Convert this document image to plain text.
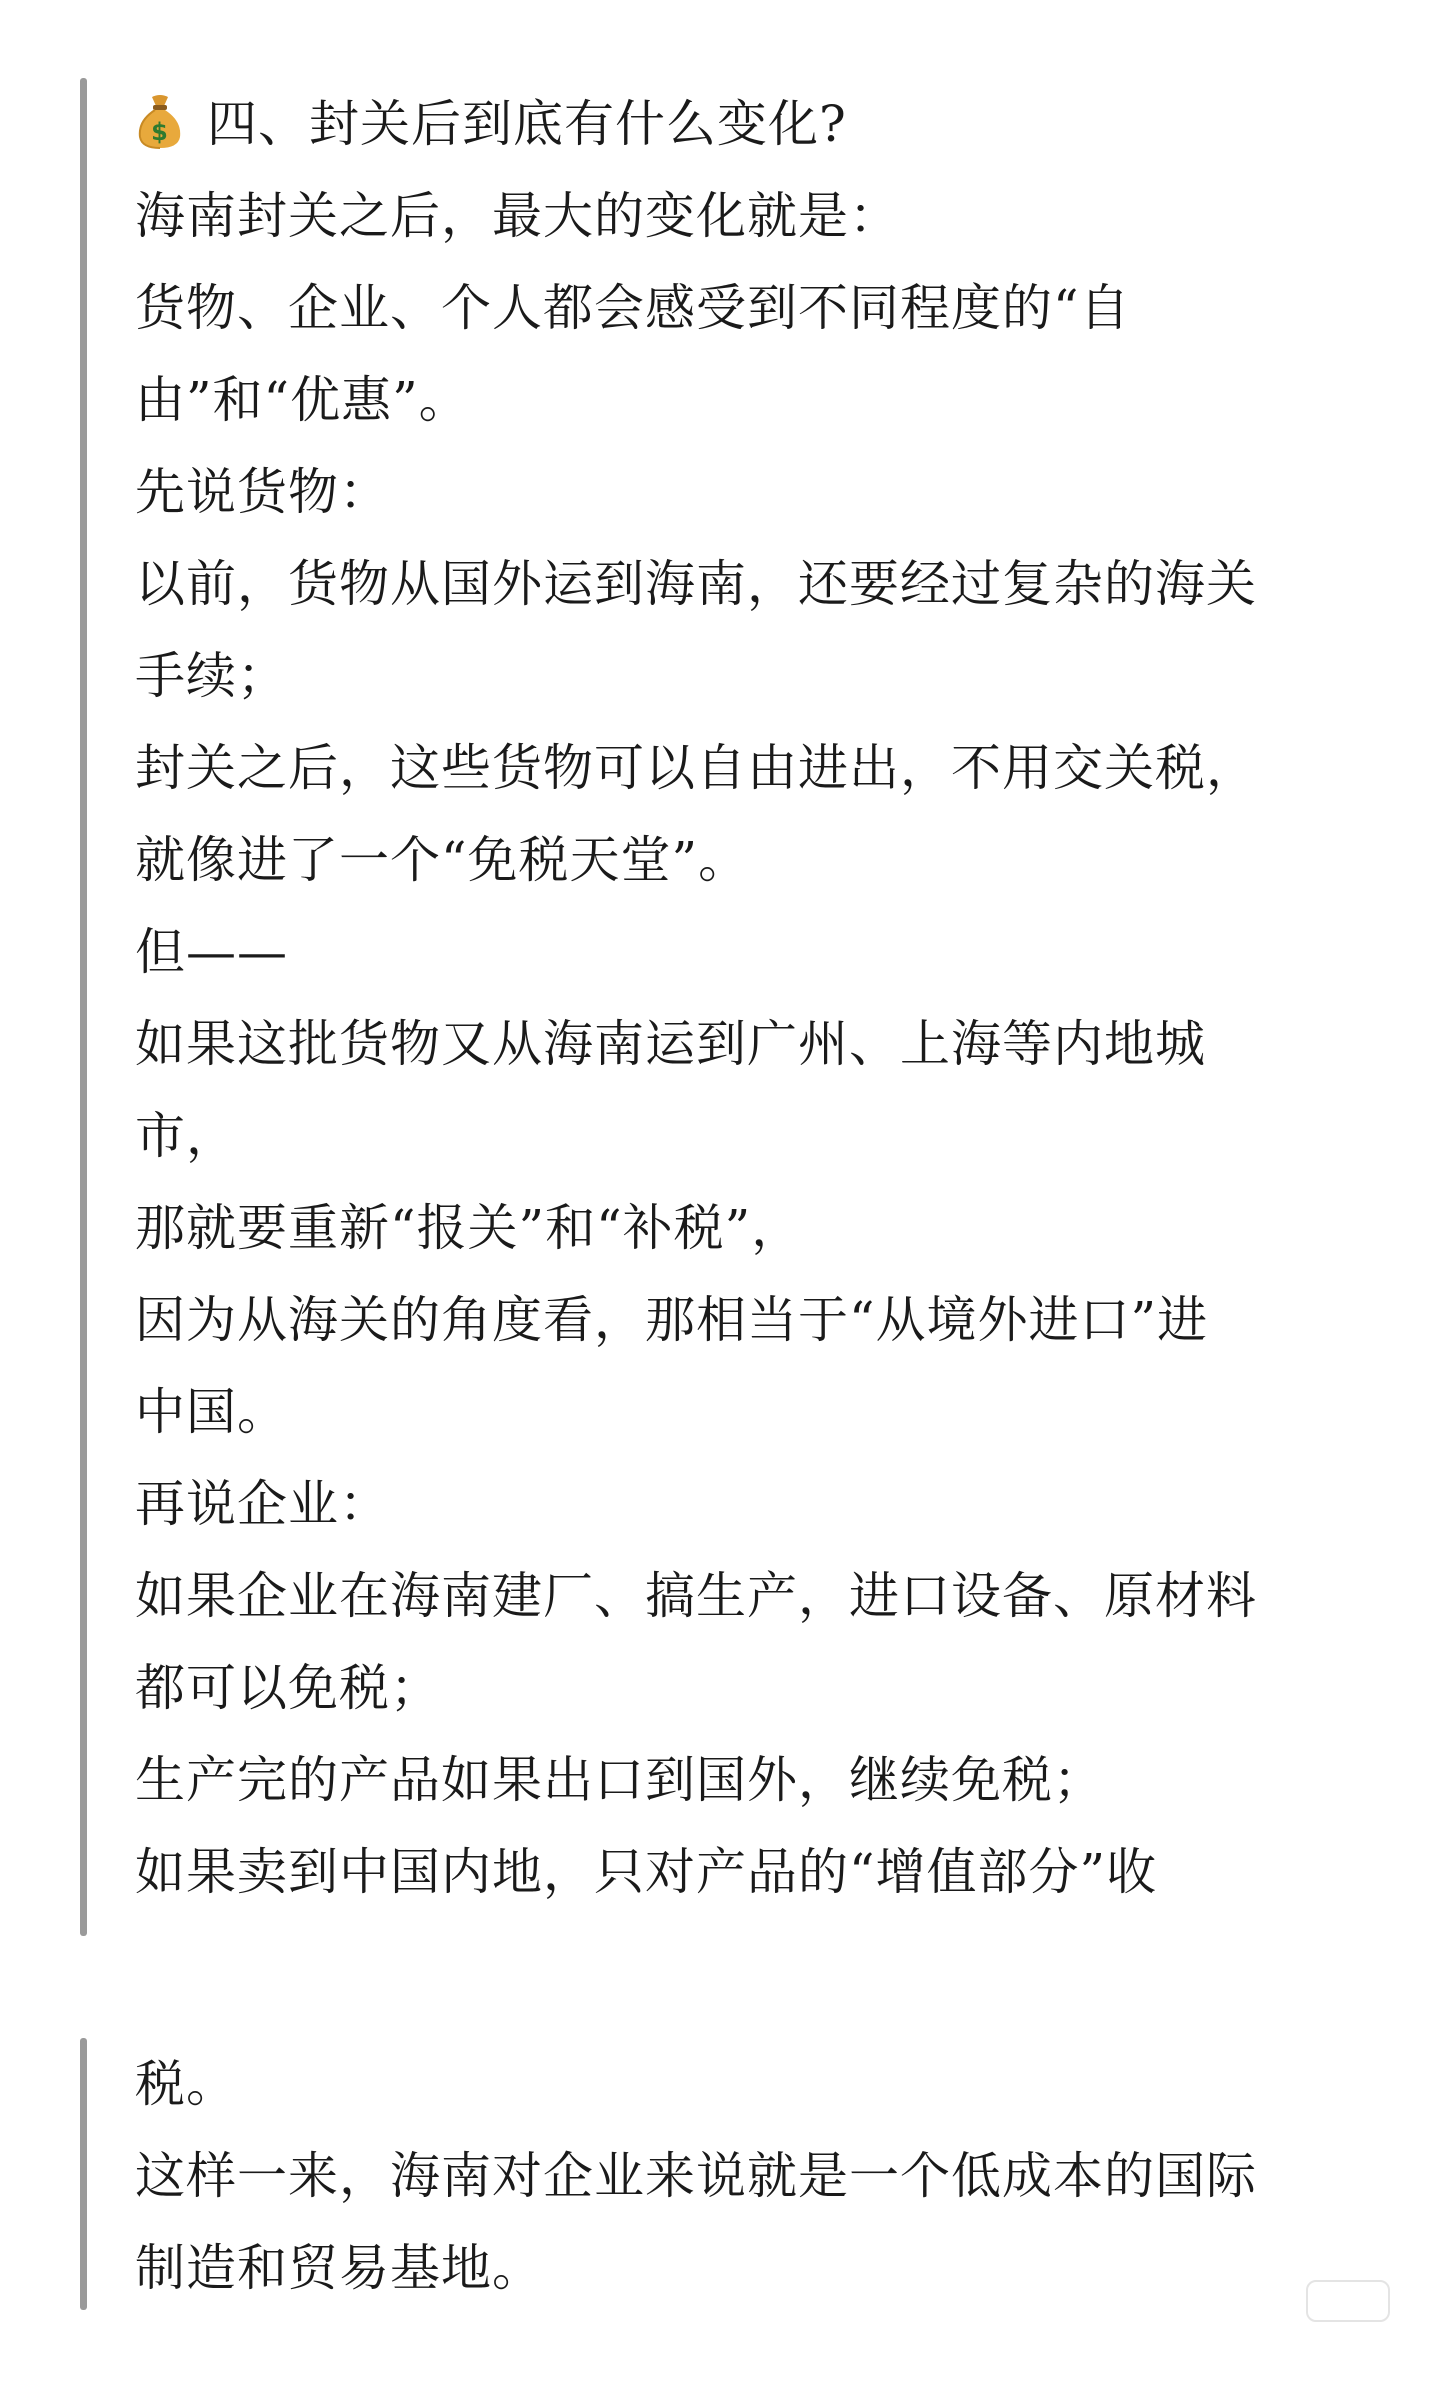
$ 四、封关后到底有什么变化?
海南封关之后，最大的变化就是：
货物、企业、个人都会感受到不同程度的“自
由”和“优惠”。
先说货物：
以前，货物从国外运到海南，还要经过复杂的海关
手续；
封关之后，这些货物可以自由进出，不用交关税，
就像进了一个“免税天堂”。
但——
如果这批货物又从海南运到广州、上海等内地城
市，
那就要重新“报关”和“补税”，
因为从海关的角度看，那相当于“从境外进口”进
中国。
再说企业：
如果企业在海南建厂、搞生产，进口设备、原材料
都可以免税；
生产完的产品如果出口到国外，继续免税；
如果卖到中国内地，只对产品的“增值部分”收
税。
这样一来，海南对企业来说就是一个低成本的国际
制造和贸易基地。
